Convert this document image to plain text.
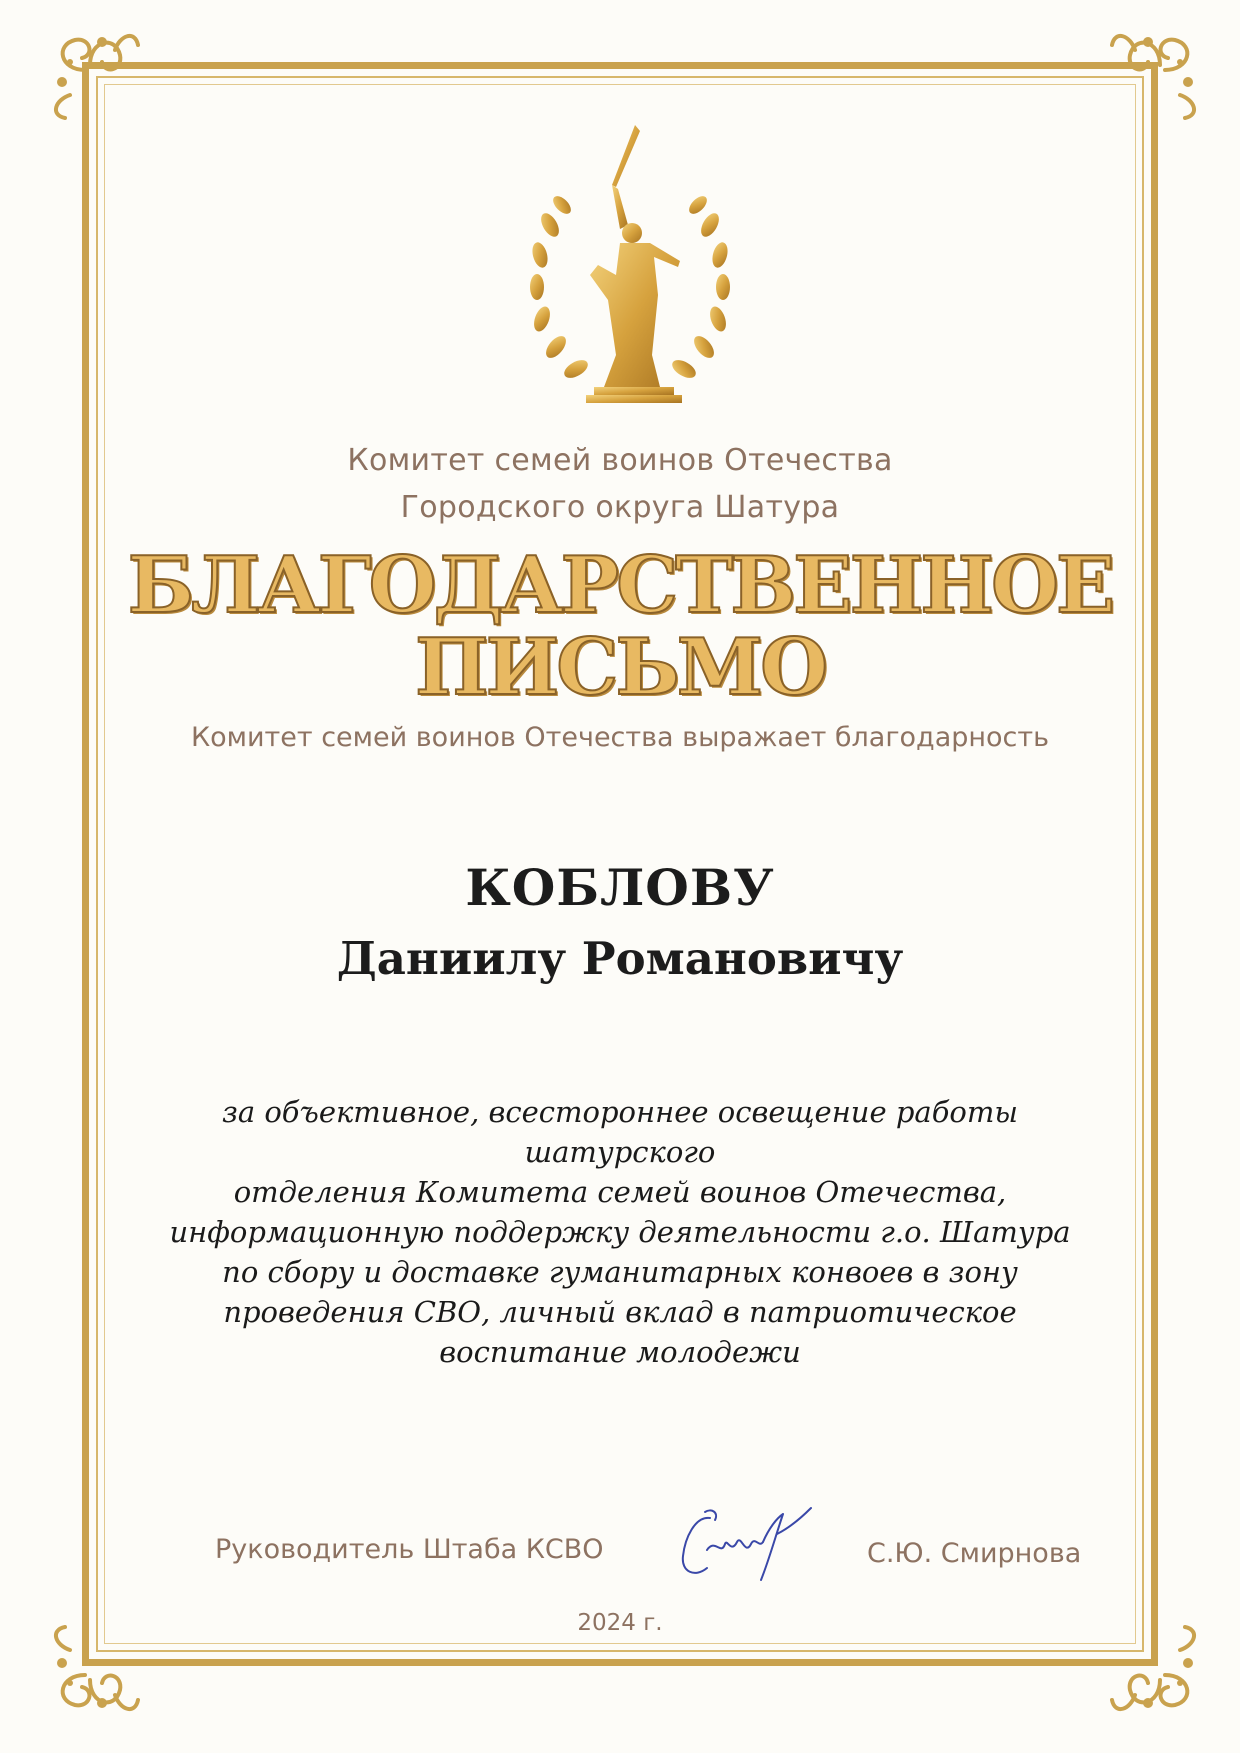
Комитет семей воинов Отечества
Городского округа Шатура
БЛАГОДАРСТВЕННОЕ
ПИСЬМО
Комитет семей воинов Отечества выражает благодарность
КОБЛОВУ
Даниилу Романовичу
за объективное, всестороннее освещение работы
шатурского
отделения Комитета семей воинов Отечества,
информационную поддержку деятельности г.о. Шатура
по сбору и доставке гуманитарных конвоев в зону
проведения СВО, личный вклад в патриотическое
воспитание молодежи
Руководитель Штаба КСВО	С.Ю. Смирнова
2024 г.
